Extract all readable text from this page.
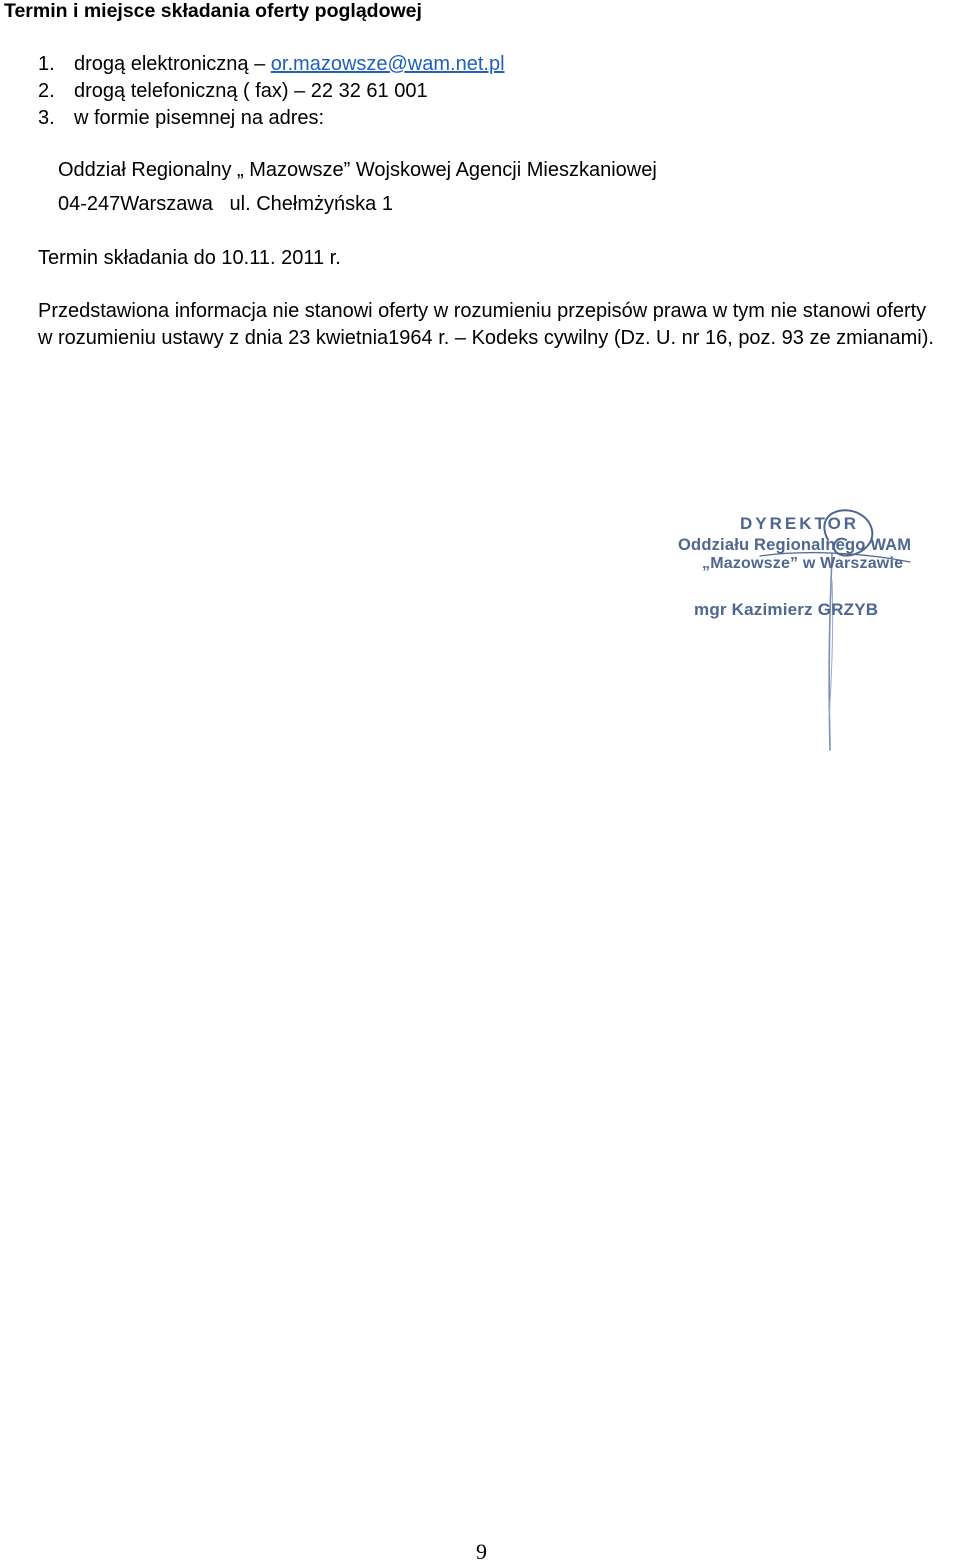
Termin i miejsce składania oferty poglądowej
1. drogą elektroniczną – or.mazowsze@wam.net.pl
2. drogą telefoniczną ( fax) – 22 32 61 001
3. w formie pisemnej na adres:
Oddział Regionalny „ Mazowsze” Wojskowej Agencji Mieszkaniowej
04-247Warszawa   ul. Chełmżyńska 1
Termin składania do 10.11. 2011 r.
Przedstawiona informacja nie stanowi oferty w rozumieniu przepisów prawa w tym nie stanowi oferty w rozumieniu ustawy z dnia 23 kwietnia1964 r. – Kodeks cywilny (Dz. U. nr 16, poz. 93 ze zmianami).
DYREKTOR
Oddziału Regionalnego WAM
„Mazowsze” w Warszawie
mgr Kazimierz GRZYB
9
